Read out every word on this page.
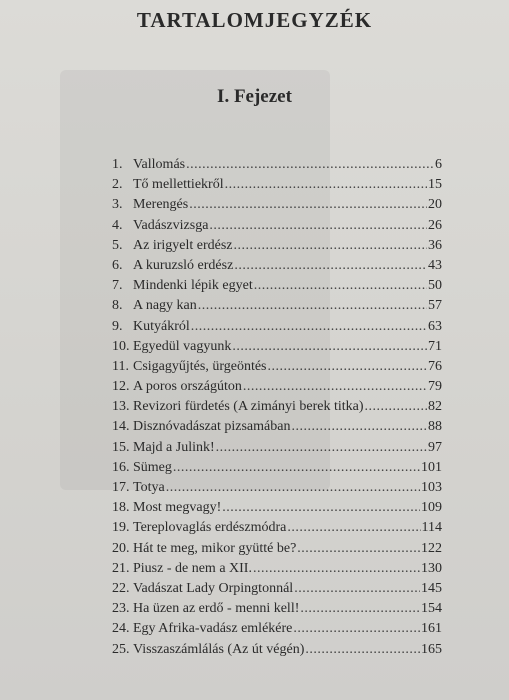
TARTALOMJEGYZÉK
I. Fejezet
1. Vallomás .....	6
2. Tő mellettiekről .....	15
3. Merengés .....	20
4. Vadászvizsga .....	26
5. Az irigyelt erdész .....	36
6. A kuruzsló erdész .....	43
7. Mindenki lépik egyet .....	50
8. A nagy kan .....	57
9. Kutyákról .....	63
10. Egyedül vagyunk .....	71
11. Csigagyűjtés, ürgeöntés .....	76
12. A poros országúton .....	79
13. Revizori fürdetés (A zimányi berek titka) .....	82
14. Disznóvadászat pizsamában .....	88
15. Majd a Julink! .....	97
16. Sümeg .....	101
17. Totya .....	103
18. Most megvagy! .....	109
19. Tereplovaglás erdészmódra .....	114
20. Hát te meg, mikor gyütté be? .....	122
21. Piusz - de nem a XII. .....	130
22. Vadászat Lady Orpingtonnál .....	145
23. Ha üzen az erdő - menni kell! .....	154
24. Egy Afrika-vadász emlékére .....	161
25. Visszaszámlálás (Az út végén) .....	165
